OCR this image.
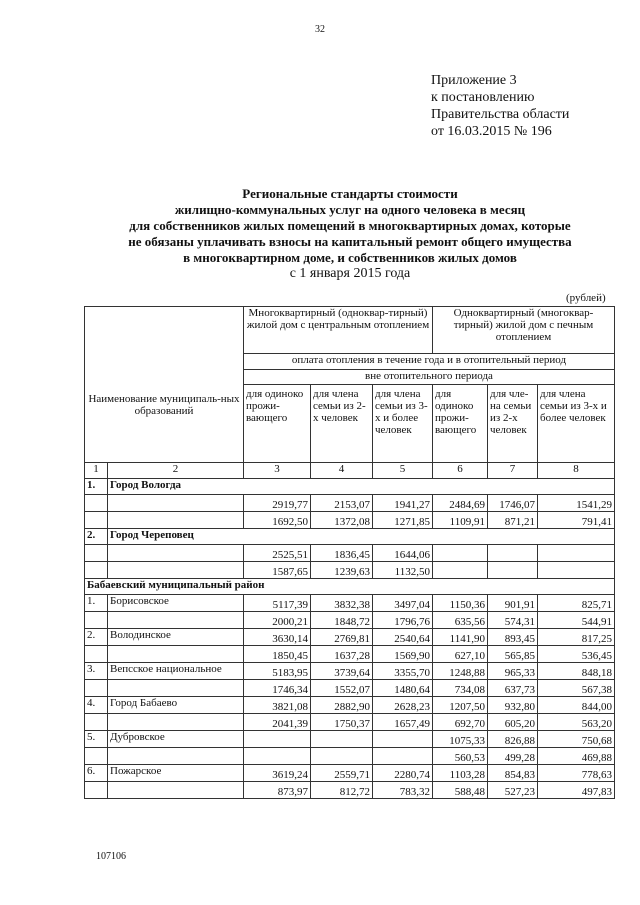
32
Приложение 3
к постановлению
Правительства области
от 16.03.2015 № 196
Региональные стандарты стоимости
жилищно-коммунальных услуг на одного человека в месяц
для собственников жилых помещений в многоквартирных домах, которые
не обязаны уплачивать взносы на капитальный ремонт общего имущества
в многоквартирном доме, и собственников жилых домов
с 1 января 2015 года
(рублей)
Наименование муниципаль-ных образований		Многоквартирный (одноквар-тирный) жилой дом с центральным отоплением			Одноквартирный (многоквар-тирный) жилой дом с печным отоплением		
		оплата отопления в течение года и в отопительный период					
		вне отопительного периода					
		для одиноко прожи-вающего	для члена семьи из 2-х человек	для члена семьи из 3-х и более человек	для одиноко прожи-вающего	для чле-на семьи из 2-х человек	для члена семьи из 3-х и более человек
1	2	3	4	5	6	7	8
1.	Город Вологда						
		2919,77	2153,07	1941,27	2484,69	1746,07	1541,29
		1692,50	1372,08	1271,85	1109,91	871,21	791,41
2.	Город Череповец						
		2525,51	1836,45	1644,06			
		1587,65	1239,63	1132,50			
Бабаевский муниципальный район							
1.	Борисовское	5117,39	3832,38	3497,04	1150,36	901,91	825,71
		2000,21	1848,72	1796,76	635,56	574,31	544,91
2.	Володинское	3630,14	2769,81	2540,64	1141,90	893,45	817,25
		1850,45	1637,28	1569,90	627,10	565,85	536,45
3.	Вепсское национальное	5183,95	3739,64	3355,70	1248,88	965,33	848,18
		1746,34	1552,07	1480,64	734,08	637,73	567,38
4.	Город Бабаево	3821,08	2882,90	2628,23	1207,50	932,80	844,00
		2041,39	1750,37	1657,49	692,70	605,20	563,20
5.	Дубровское				1075,33	826,88	750,68
					560,53	499,28	469,88
6.	Пожарское	3619,24	2559,71	2280,74	1103,28	854,83	778,63
		873,97	812,72	783,32	588,48	527,23	497,83
107106
